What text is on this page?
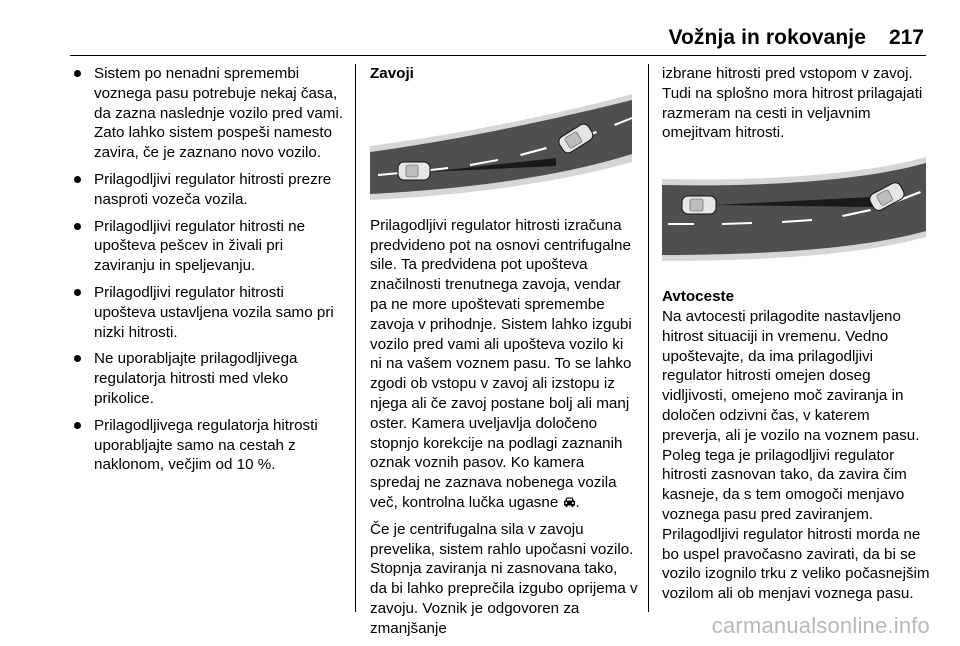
Vožnja in rokovanje 217
Sistem po nenadni spremembi voznega pasu potrebuje nekaj časa, da zazna naslednje vozilo pred vami. Zato lahko sistem pospeši namesto zavira, če je zaznano novo vozilo.
Prilagodljivi regulator hitrosti prezre nasproti vozeča vozila.
Prilagodljivi regulator hitrosti ne upošteva pešcev in živali pri zaviranju in speljevanju.
Prilagodljivi regulator hitrosti upošteva ustavljena vozila samo pri nizki hitrosti.
Ne uporabljajte prilagodljivega regulatorja hitrosti med vleko prikolice.
Prilagodljivega regulatorja hitrosti uporabljajte samo na cestah z naklonom, večjim od 10 %.
Zavoji

Prilagodljivi regulator hitrosti izračuna predvideno pot na osnovi centrifugalne sile. Ta predvidena pot upošteva značilnosti trenutnega zavoja, vendar pa ne more upoštevati spremembe zavoja v prihodnje. Sistem lahko izgubi vozilo pred vami ali upošteva vozilo ki ni na vašem voznem pasu. To se lahko zgodi ob vstopu v zavoj ali izstopu iz njega ali če zavoj postane bolj ali manj oster. Kamera uveljavlja določeno stopnjo korekcije na podlagi zaznanih oznak voznih pasov. Ko kamera spredaj ne zaznava nobenega vozila več, kontrolna lučka ugasne .

Če je centrifugalna sila v zavoju prevelika, sistem rahlo upočasni vozilo. Stopnja zaviranja ni zasnovana tako, da bi lahko preprečila izgubo oprijema v zavoju. Voznik je odgovoren za zmanjšanje

izbrane hitrosti pred vstopom v zavoj. Tudi na splošno mora hitrost prilagajati razmeram na cesti in veljavnim omejitvam hitrosti.

Avtoceste

Na avtocesti prilagodite nastavljeno hitrost situaciji in vremenu. Vedno upoštevajte, da ima prilagodljivi regulator hitrosti omejen doseg vidljivosti, omejeno moč zaviranja in določen odzivni čas, v katerem preverja, ali je vozilo na voznem pasu. Poleg tega je prilagodljivi regulator hitrosti zasnovan tako, da zavira čim kasneje, da s tem omogoči menjavo voznega pasu pred zaviranjem. Prilagodljivi regulator hitrosti morda ne bo uspel pravočasno zavirati, da bi se vozilo izognilo trku z veliko počasnejšim vozilom ali ob menjavi voznega pasu.

carmanualsonline.info
